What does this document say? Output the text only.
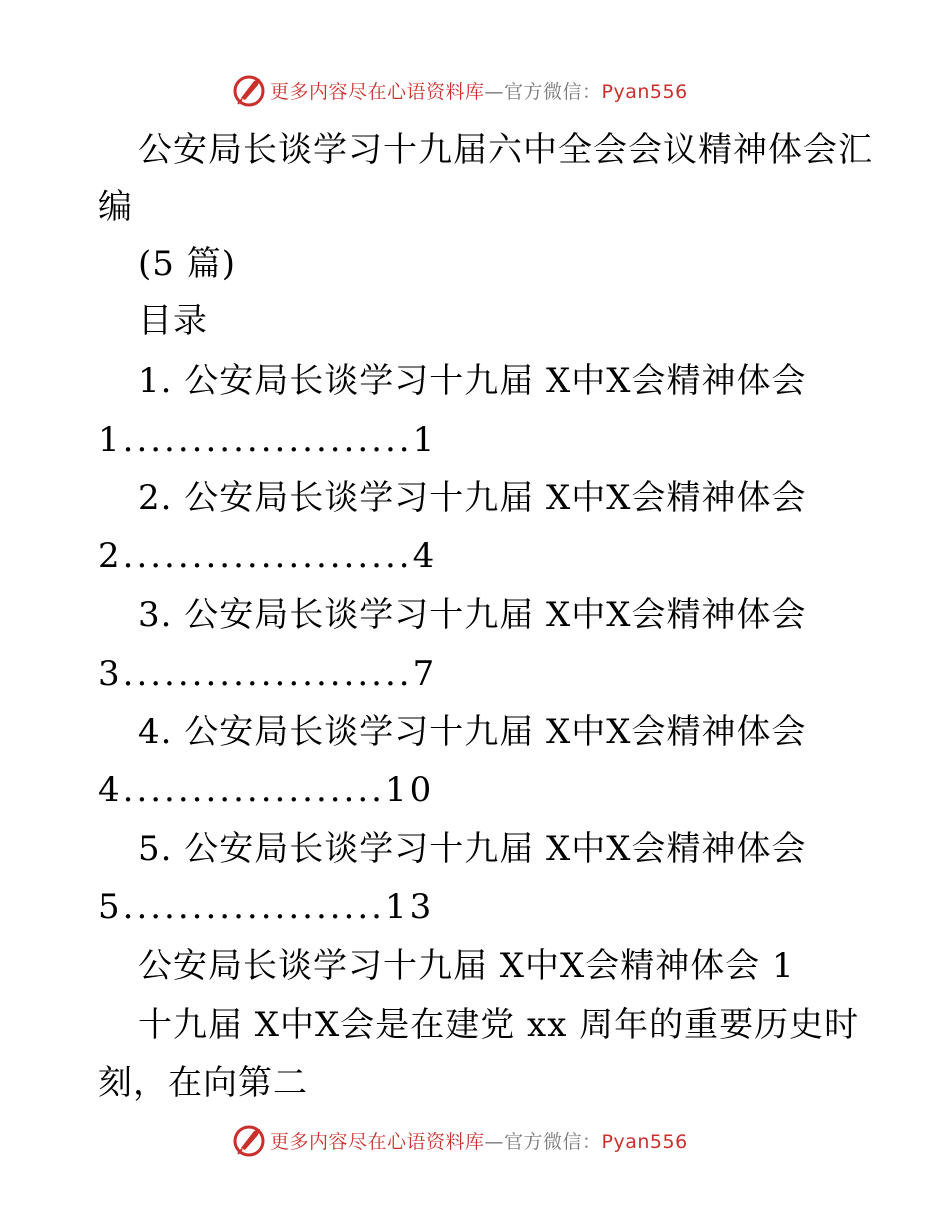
更多内容尽在心语资料库—官方微信：Pyan556
公安局长谈学习十九届六中全会会议精神体会汇
编
(5 篇)
目录
1. 公安局长谈学习十九届 X中X会精神体会
1.....................1
2. 公安局长谈学习十九届 X中X会精神体会
2.....................4
3. 公安局长谈学习十九届 X中X会精神体会
3.....................7
4. 公安局长谈学习十九届 X中X会精神体会
4...................10
5. 公安局长谈学习十九届 X中X会精神体会
5...................13
公安局长谈学习十九届 X中X会精神体会 1
十九届 X中X会是在建党 xx 周年的重要历史时
刻，在向第二
更多内容尽在心语资料库—官方微信：Pyan556
